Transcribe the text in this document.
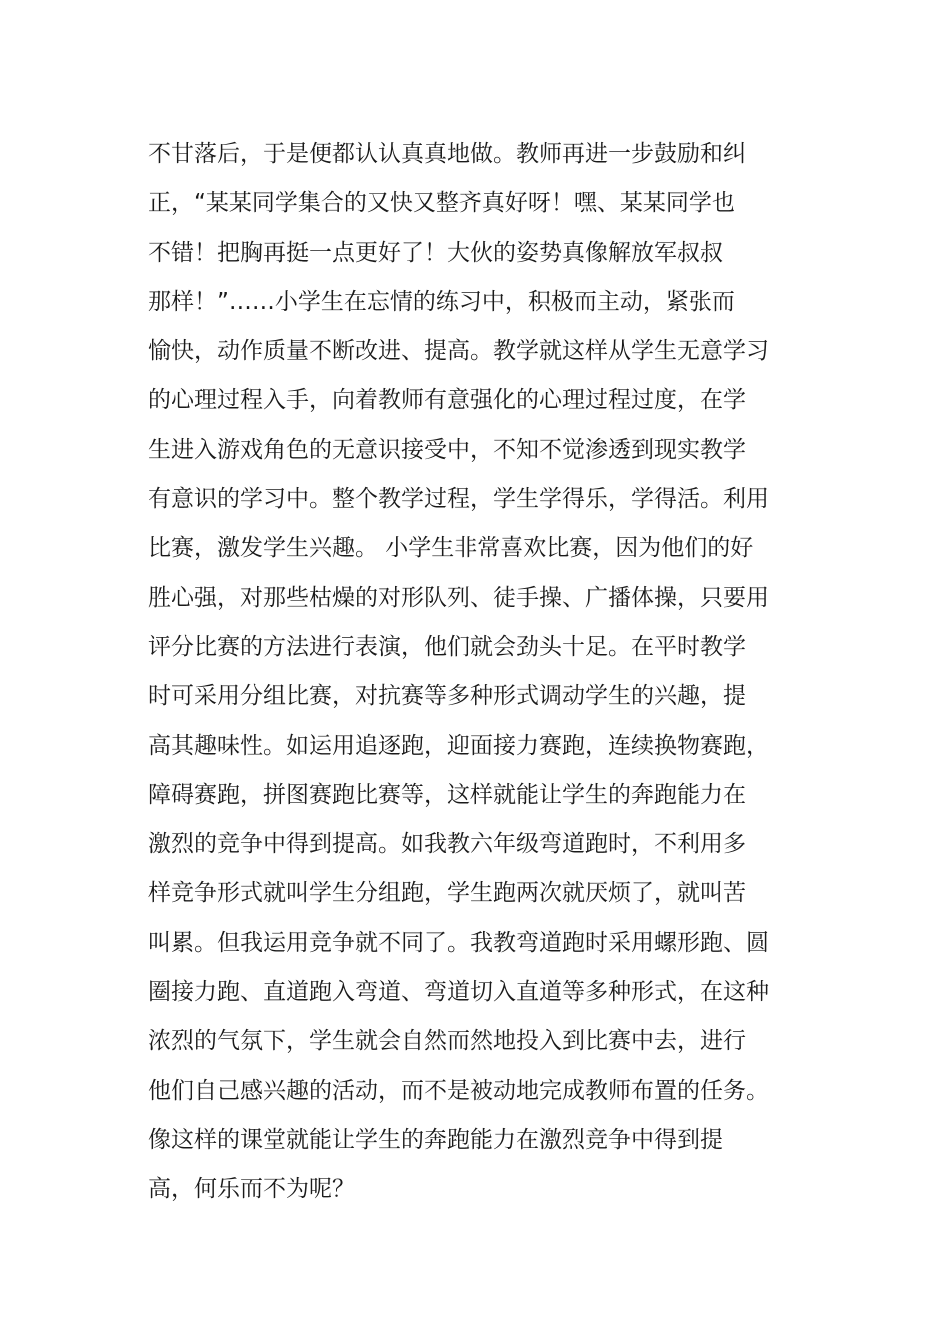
不甘落后，于是便都认认真真地做。教师再进一步鼓励和纠
正，“某某同学集合的又快又整齐真好呀！嘿、某某同学也
不错！把胸再挺一点更好了！大伙的姿势真像解放军叔叔
那样！”……小学生在忘情的练习中，积极而主动，紧张而
愉快，动作质量不断改进、提高。教学就这样从学生无意学习
的心理过程入手，向着教师有意强化的心理过程过度，在学
生进入游戏角色的无意识接受中，不知不觉渗透到现实教学
有意识的学习中。整个教学过程，学生学得乐，学得活。利用
比赛，激发学生兴趣。 小学生非常喜欢比赛，因为他们的好
胜心强，对那些枯燥的对形队列、徒手操、广播体操，只要用
评分比赛的方法进行表演，他们就会劲头十足。在平时教学
时可采用分组比赛，对抗赛等多种形式调动学生的兴趣，提
高其趣味性。如运用追逐跑，迎面接力赛跑，连续换物赛跑，
障碍赛跑，拼图赛跑比赛等，这样就能让学生的奔跑能力在
激烈的竞争中得到提高。如我教六年级弯道跑时，不利用多
样竞争形式就叫学生分组跑，学生跑两次就厌烦了，就叫苦
叫累。但我运用竞争就不同了。我教弯道跑时采用螺形跑、圆
圈接力跑、直道跑入弯道、弯道切入直道等多种形式，在这种
浓烈的气氛下，学生就会自然而然地投入到比赛中去，进行
他们自己感兴趣的活动，而不是被动地完成教师布置的任务。
像这样的课堂就能让学生的奔跑能力在激烈竞争中得到提
高，何乐而不为呢？
